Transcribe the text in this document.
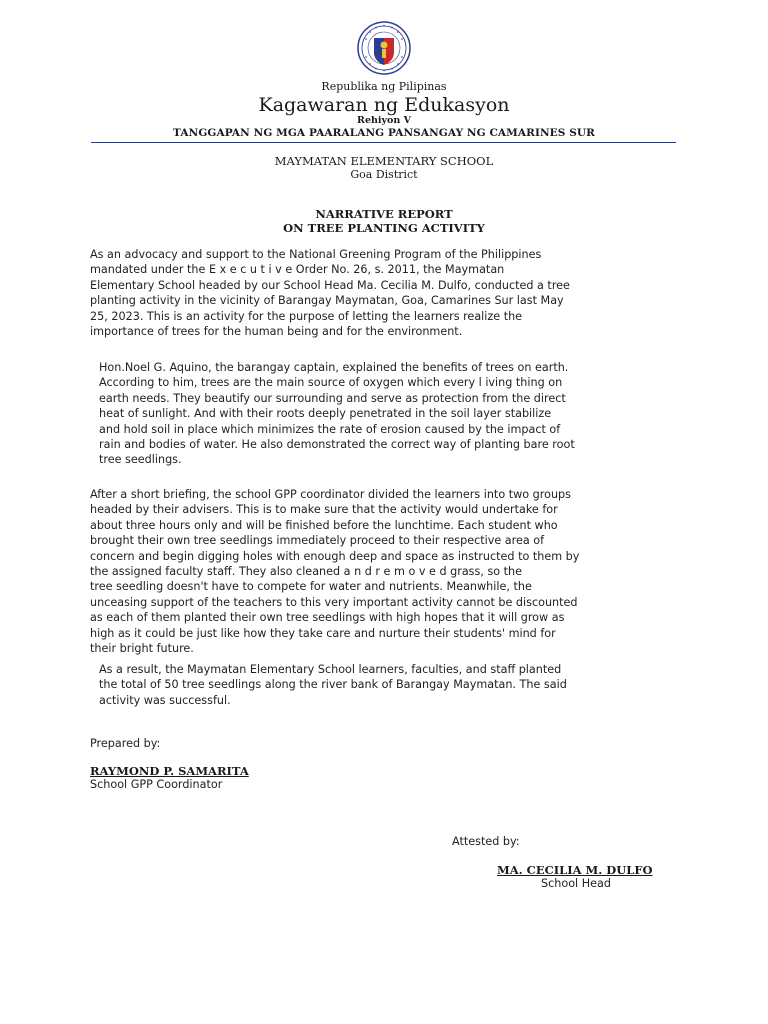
Republika ng Pilipinas
Kagawaran ng Edukasyon
Rehiyon V
TANGGAPAN NG MGA PAARALANG PANSANGAY NG CAMARINES SUR
MAYMATAN ELEMENTARY SCHOOL
Goa District
NARRATIVE REPORT
ON TREE PLANTING ACTIVITY

As an advocacy and support to the National Greening Program of the Philippines
mandated under the E x e c u t i v e Order No. 26, s. 2011, the Maymatan
Elementary School headed by our School Head Ma. Cecilia M. Dulfo, conducted a tree
planting activity in the vicinity of Barangay Maymatan, Goa, Camarines Sur last May
25, 2023. This is an activity for the purpose of letting the learners realize the
importance of trees for the human being and for the environment.

Hon.Noel G. Aquino, the barangay captain, explained the benefits of trees on earth.
According to him, trees are the main source of oxygen which every l iving thing on
earth needs. They beautify our surrounding and serve as protection from the direct
heat of sunlight. And with their roots deeply penetrated in the soil layer stabilize
and hold soil in place which minimizes the rate of erosion caused by the impact of
rain and bodies of water. He also demonstrated the correct way of planting bare root
tree seedlings.

After a short briefing, the school GPP coordinator divided the learners into two groups
headed by their advisers. This is to make sure that the activity would undertake for
about three hours only and will be finished before the lunchtime. Each student who
brought their own tree seedlings immediately proceed to their respective area of
concern and begin digging holes with enough deep and space as instructed to them by
the assigned faculty staff. They also cleaned a n d r e m o v e d grass, so the
tree seedling doesn't have to compete for water and nutrients. Meanwhile, the
unceasing support of the teachers to this very important activity cannot be discounted
as each of them planted their own tree seedlings with high hopes that it will grow as
high as it could be just like how they take care and nurture their students' mind for
their bright future.

As a result, the Maymatan Elementary School learners, faculties, and staff planted
the total of 50 tree seedlings along the river bank of Barangay Maymatan. The said
activity was successful.

Prepared by:
RAYMOND P. SAMARITA
School GPP Coordinator
Attested by:
MA. CECILIA M. DULFO
School Head
